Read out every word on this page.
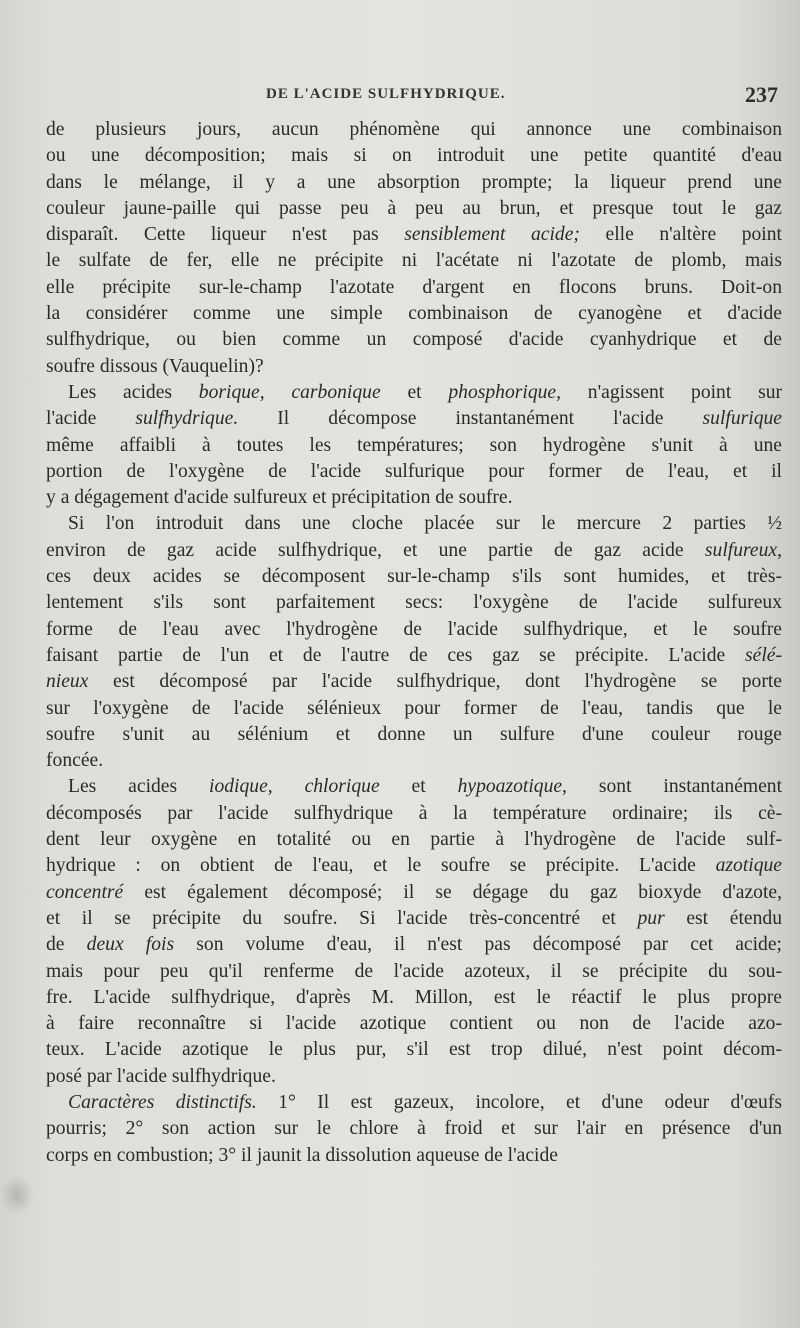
DE L'ACIDE SULFHYDRIQUE.	237

de plusieurs jours, aucun phénomène qui annonce une combinaison
ou une décomposition; mais si on introduit une petite quantité d'eau
dans le mélange, il y a une absorption prompte; la liqueur prend une
couleur jaune-paille qui passe peu à peu au brun, et presque tout le gaz
disparaît. Cette liqueur n'est pas sensiblement acide; elle n'altère point
le sulfate de fer, elle ne précipite ni l'acétate ni l'azotate de plomb, mais
elle précipite sur-le-champ l'azotate d'argent en flocons bruns. Doit-on
la considérer comme une simple combinaison de cyanogène et d'acide
sulfhydrique, ou bien comme un composé d'acide cyanhydrique et de
soufre dissous (Vauquelin)?

Les acides borique, carbonique et phosphorique, n'agissent point sur
l'acide sulfhydrique. Il décompose instantanément l'acide sulfurique
même affaibli à toutes les températures; son hydrogène s'unit à une
portion de l'oxygène de l'acide sulfurique pour former de l'eau, et il
y a dégagement d'acide sulfureux et précipitation de soufre.

Si l'on introduit dans une cloche placée sur le mercure 2 parties ½
environ de gaz acide sulfhydrique, et une partie de gaz acide sulfureux,
ces deux acides se décomposent sur-le-champ s'ils sont humides, et très-
lentement s'ils sont parfaitement secs: l'oxygène de l'acide sulfureux
forme de l'eau avec l'hydrogène de l'acide sulfhydrique, et le soufre
faisant partie de l'un et de l'autre de ces gaz se précipite. L'acide sélé-
nieux est décomposé par l'acide sulfhydrique, dont l'hydrogène se porte
sur l'oxygène de l'acide sélénieux pour former de l'eau, tandis que le
soufre s'unit au sélénium et donne un sulfure d'une couleur rouge
foncée.

Les acides iodique, chlorique et hypoazotique, sont instantanément
décomposés par l'acide sulfhydrique à la température ordinaire; ils cè-
dent leur oxygène en totalité ou en partie à l'hydrogène de l'acide sulf-
hydrique : on obtient de l'eau, et le soufre se précipite. L'acide azotique
concentré est également décomposé; il se dégage du gaz bioxyde d'azote,
et il se précipite du soufre. Si l'acide très-concentré et pur est étendu
de deux fois son volume d'eau, il n'est pas décomposé par cet acide;
mais pour peu qu'il renferme de l'acide azoteux, il se précipite du sou-
fre. L'acide sulfhydrique, d'après M. Millon, est le réactif le plus propre
à faire reconnaître si l'acide azotique contient ou non de l'acide azo-
teux. L'acide azotique le plus pur, s'il est trop dilué, n'est point décom-
posé par l'acide sulfhydrique.

Caractères distinctifs. 1° Il est gazeux, incolore, et d'une odeur d'œufs
pourris; 2° son action sur le chlore à froid et sur l'air en présence d'un
corps en combustion; 3° il jaunit la dissolution aqueuse de l'acide
